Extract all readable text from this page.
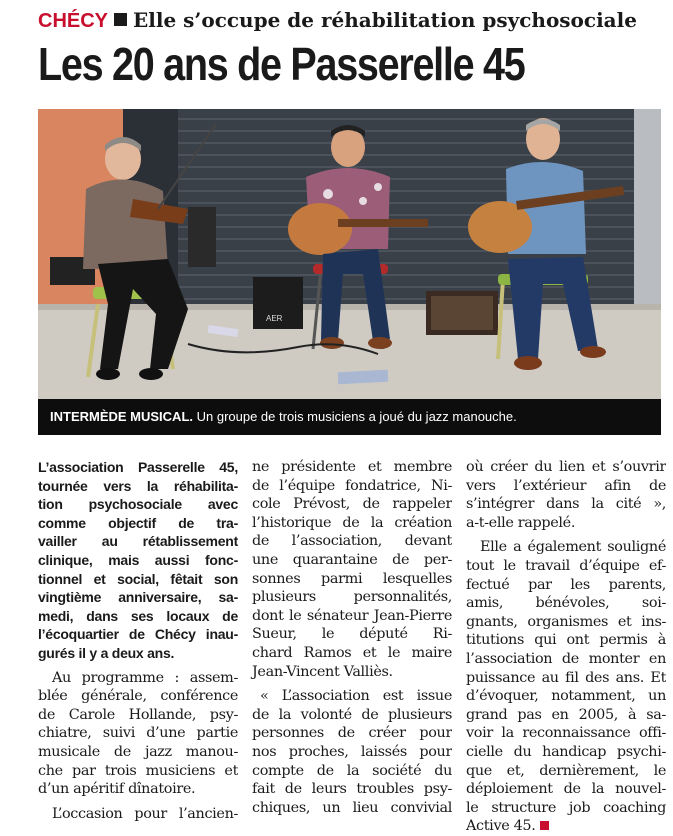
CHÉCY Elle s’occupe de réhabilitation psychosociale
Les 20 ans de Passerelle 45
AER
INTERMÈDE MUSICAL. Un groupe de trois musiciens a joué du jazz manouche.
L’association Passerelle 45,
tournée vers la réhabilita-
tion psychosociale avec
comme objectif de tra-
vailler au rétablissement
clinique, mais aussi fonc-
tionnel et social, fêtait son
vingtième anniversaire, sa-
medi, dans ses locaux de
l’écoquartier de Chécy inau-
gurés il y a deux ans.
Au programme : assem-
blée générale, conférence
de Carole Hollande, psy-
chiatre, suivi d’une partie
musicale de jazz manou-
che par trois musiciens et
d’un apéritif dînatoire.
L’occasion pour l’ancien-
ne présidente et membre
de l’équipe fondatrice, Ni-
cole Prévost, de rappeler
l’historique de la création
de l’association, devant
une quarantaine de per-
sonnes parmi lesquelles
plusieurs personnalités,
dont le sénateur Jean-Pierre
Sueur, le député Ri-
chard Ramos et le maire
Jean-Vincent Valliès.
« L’association est issue
de la volonté de plusieurs
personnes de créer pour
nos proches, laissés pour
compte de la société du
fait de leurs troubles psy-
chiques, un lieu convivial
où créer du lien et s’ouvrir
vers l’extérieur afin de
s’intégrer dans la cité »,
a-t-elle rappelé.
Elle a également souligné
tout le travail d’équipe ef-
fectué par les parents,
amis, bénévoles, soi-
gnants, organismes et ins-
titutions qui ont permis à
l’association de monter en
puissance au fil des ans. Et
d’évoquer, notamment, un
grand pas en 2005, à sa-
voir la reconnaissance offi-
cielle du handicap psychi-
que et, dernièrement, le
déploiement de la nouvel-
le structure job coaching
Active 45.
